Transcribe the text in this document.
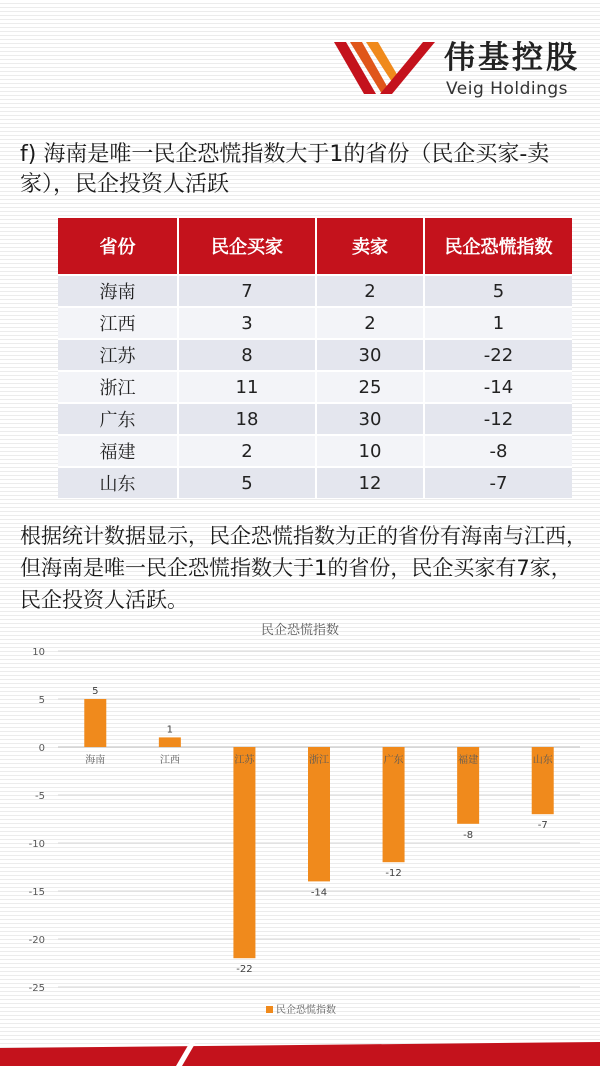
伟基控股
Veig Holdings
f) 海南是唯一民企恐慌指数大于1的省份（民企买家-卖家），民企投资人活跃
省份	民企买家	卖家	民企恐慌指数
海南	7	2	5
江西	3	2	1
江苏	8	30	-22
浙江	11	25	-14
广东	18	30	-12
福建	2	10	-8
山东	5	12	-7

根据统计数据显示，民企恐慌指数为正的省份有海南与江西，但海南是唯一民企恐慌指数大于1的省份，民企买家有7家，民企投资人活跃。

民企恐慌指数
10
5
0
-5
-10
-15
-20
-25
5
1
-22
-14
-12
-8
-7
海南	江西	江苏	浙江	广东	福建	山东
民企恐慌指数
